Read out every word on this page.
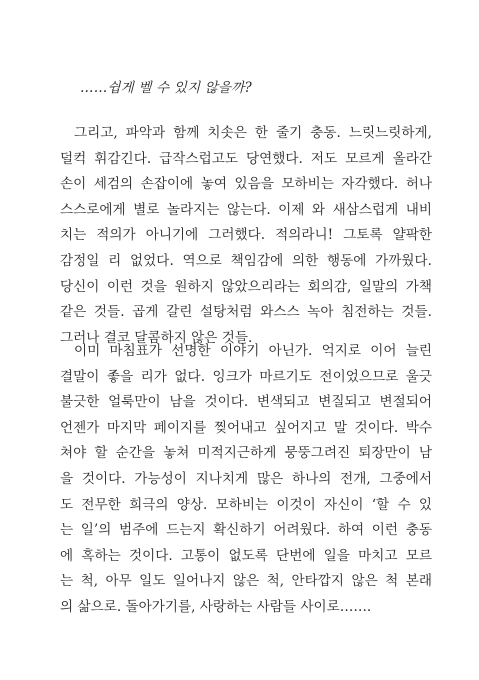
……쉽게 벨 수 있지 않을까?
그리고, 파악과 함께 치솟은 한 줄기 충동. 느릿느릿하게,
덜컥 휘감긴다. 급작스럽고도 당연했다. 저도 모르게 올라간
손이 세검의 손잡이에 놓여 있음을 모하비는 자각했다. 허나
스스로에게 별로 놀라지는 않는다. 이제 와 새삼스럽게 내비
치는 적의가 아니기에 그러했다. 적의라니! 그토록 얄팍한
감정일 리 없었다. 역으로 책임감에 의한 행동에 가까웠다.
당신이 이런 것을 원하지 않았으리라는 회의감, 일말의 가책
같은 것들. 곱게 갈린 설탕처럼 와스스 녹아 침전하는 것들.
그러나 결코 달콤하지 않은 것들.
이미 마침표가 선명한 이야기 아닌가. 억지로 이어 늘린
결말이 좋을 리가 없다. 잉크가 마르기도 전이었으므로 울긋
불긋한 얼룩만이 남을 것이다. 변색되고 변질되고 변절되어
언젠가 마지막 페이지를 찢어내고 싶어지고 말 것이다. 박수
쳐야 할 순간을 놓쳐 미적지근하게 뭉뚱그려진 퇴장만이 남
을 것이다. 가능성이 지나치게 많은 하나의 전개, 그중에서
도 전무한 희극의 양상. 모하비는 이것이 자신이 ‘할 수 있
는 일’의 범주에 드는지 확신하기 어려웠다. 하여 이런 충동
에 혹하는 것이다. 고통이 없도록 단번에 일을 마치고 모르
는 척, 아무 일도 일어나지 않은 척, 안타깝지 않은 척 본래
의 삶으로. 돌아가기를, 사랑하는 사람들 사이로…….
